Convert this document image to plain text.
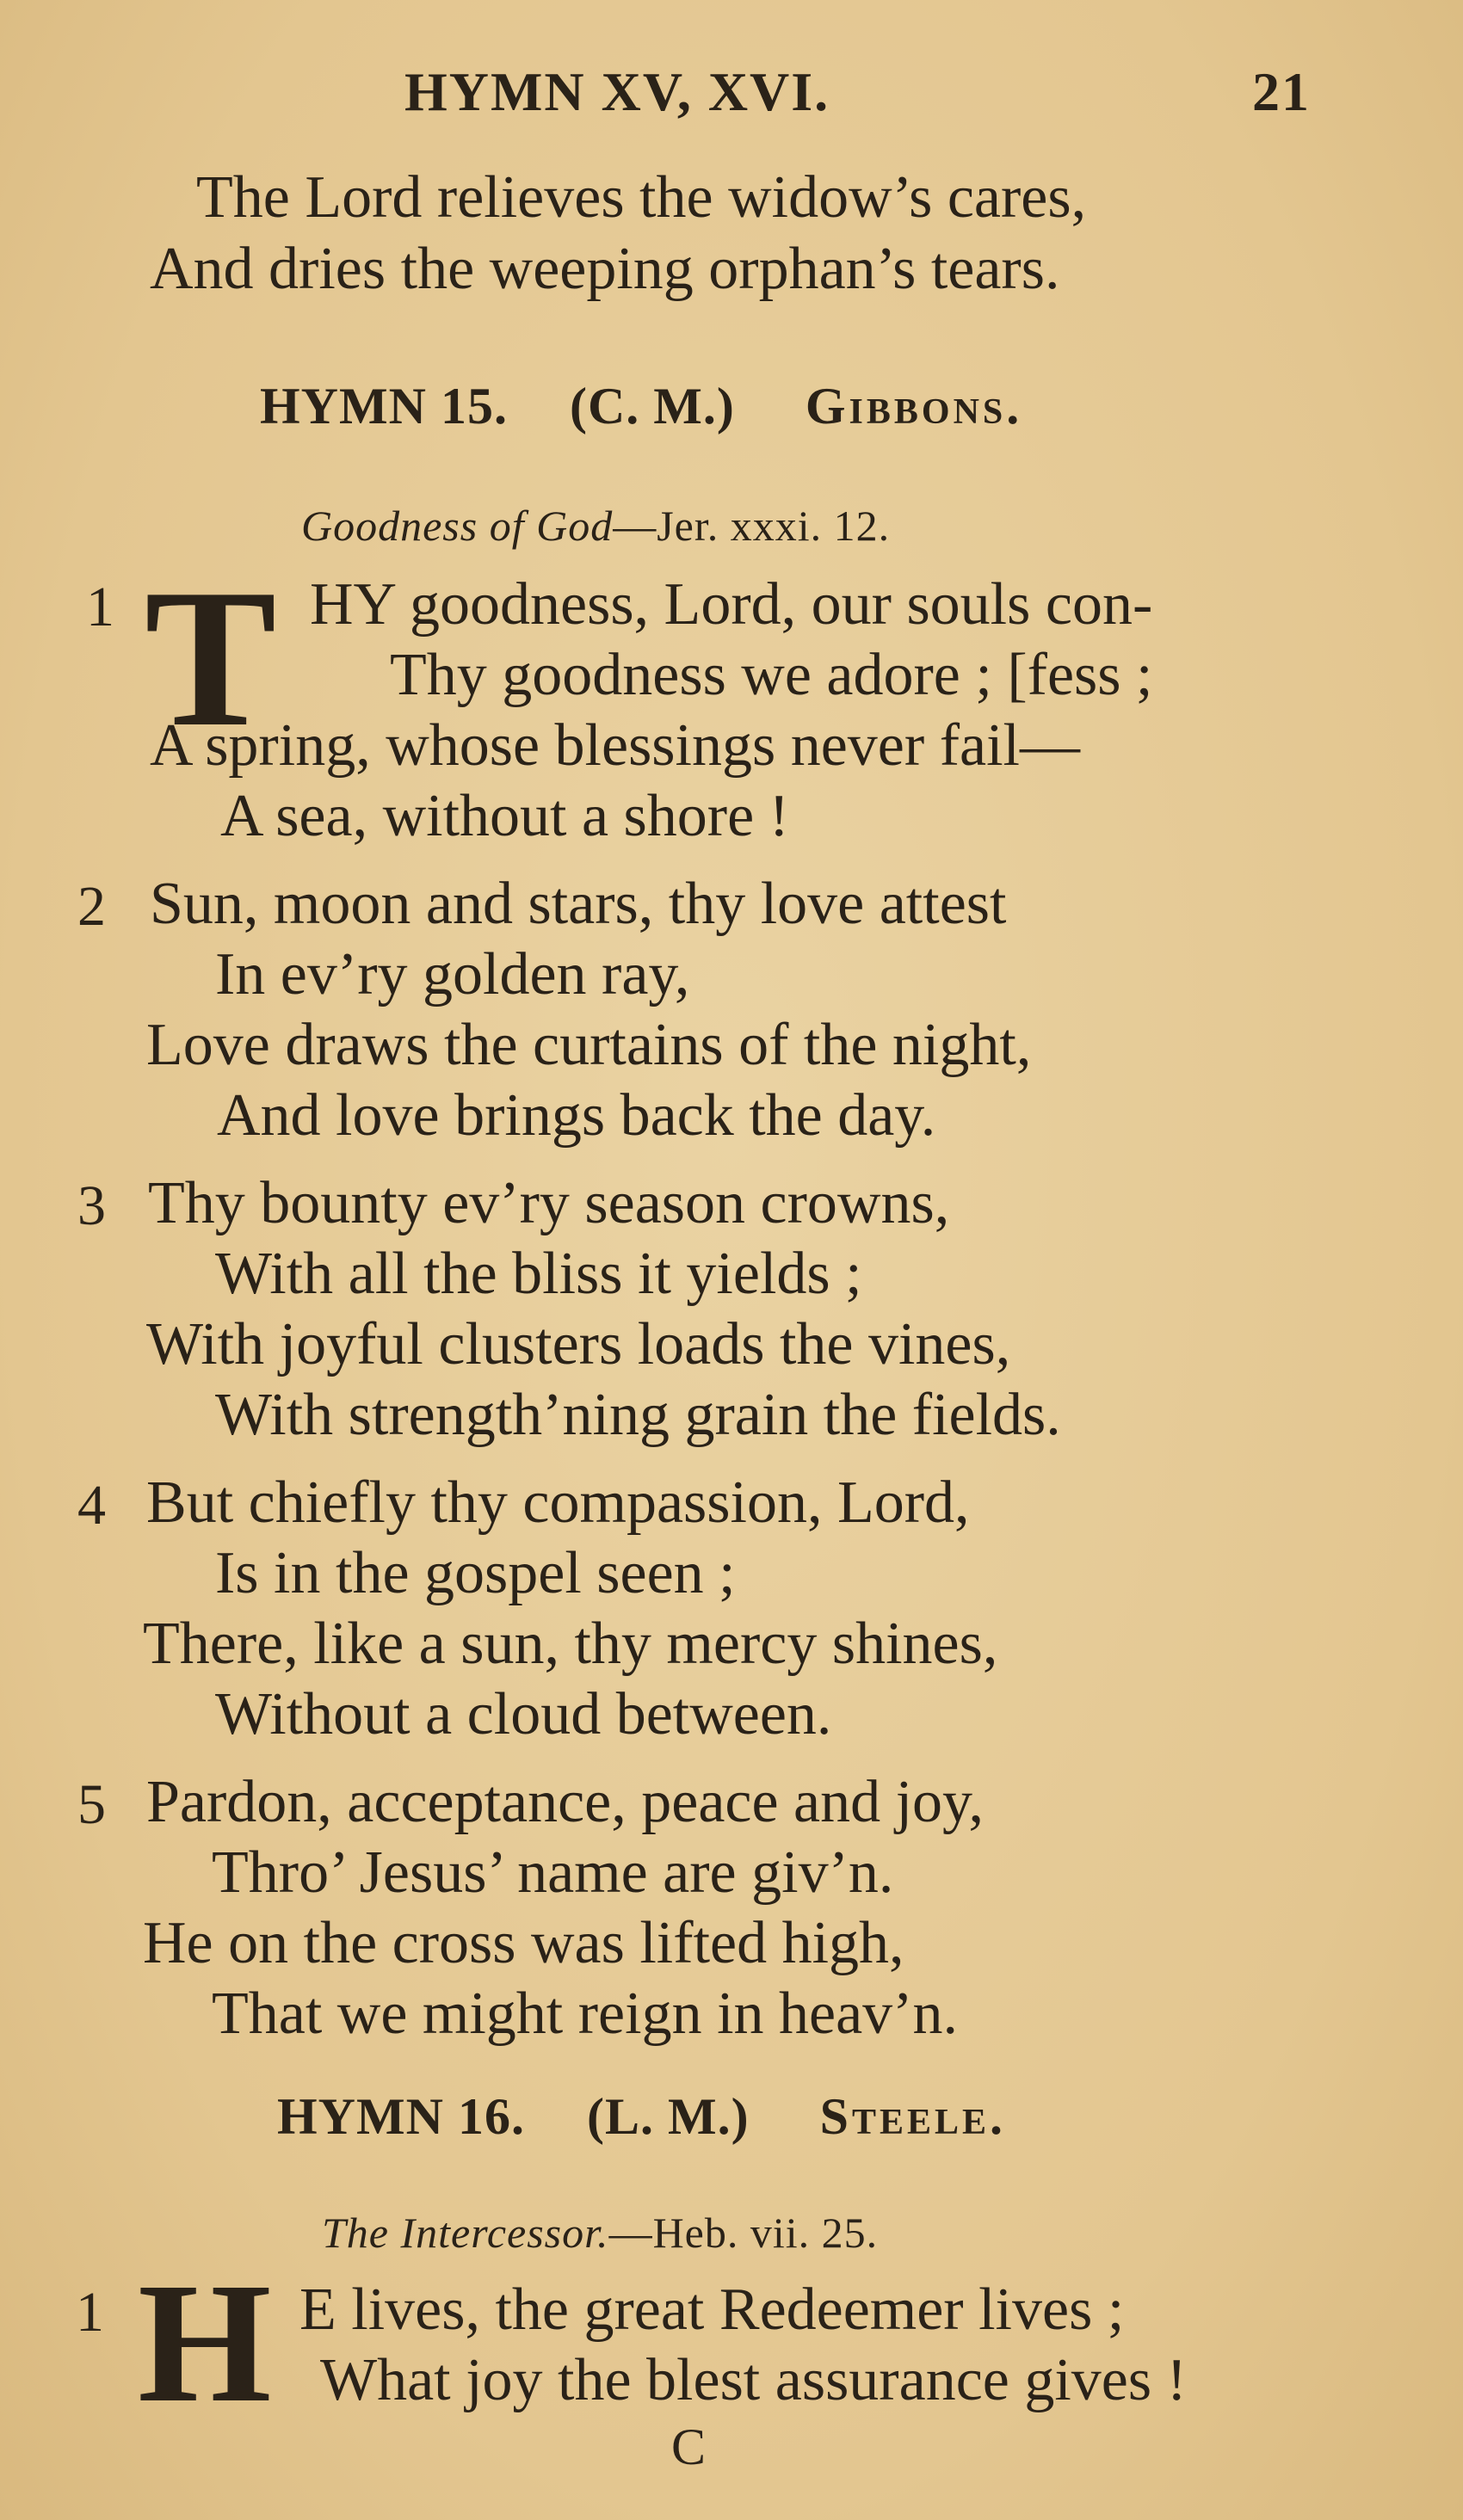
HYMN XV, XVI.	21
The Lord relieves the widow’s cares,
And dries the weeping orphan’s tears.
HYMN 15. (C. M.) Gibbons.
Goodness of God—Jer. xxxi. 12.
1 T HY goodness, Lord, our souls con-
Thy goodness we adore ; [fess ;
A spring, whose blessings never fail—
A sea, without a shore !
2 Sun, moon and stars, thy love attest
In ev’ry golden ray,
Love draws the curtains of the night,
And love brings back the day.
3 Thy bounty ev’ry season crowns,
With all the bliss it yields ;
With joyful clusters loads the vines,
With strength’ning grain the fields.
4 But chiefly thy compassion, Lord,
Is in the gospel seen ;
There, like a sun, thy mercy shines,
Without a cloud between.
5 Pardon, acceptance, peace and joy,
Thro’ Jesus’ name are giv’n.
He on the cross was lifted high,
That we might reign in heav’n.
HYMN 16. (L. M.) Steele.
The Intercessor.—Heb. vii. 25.
1 H E lives, the great Redeemer lives ;
What joy the blest assurance gives !
C
